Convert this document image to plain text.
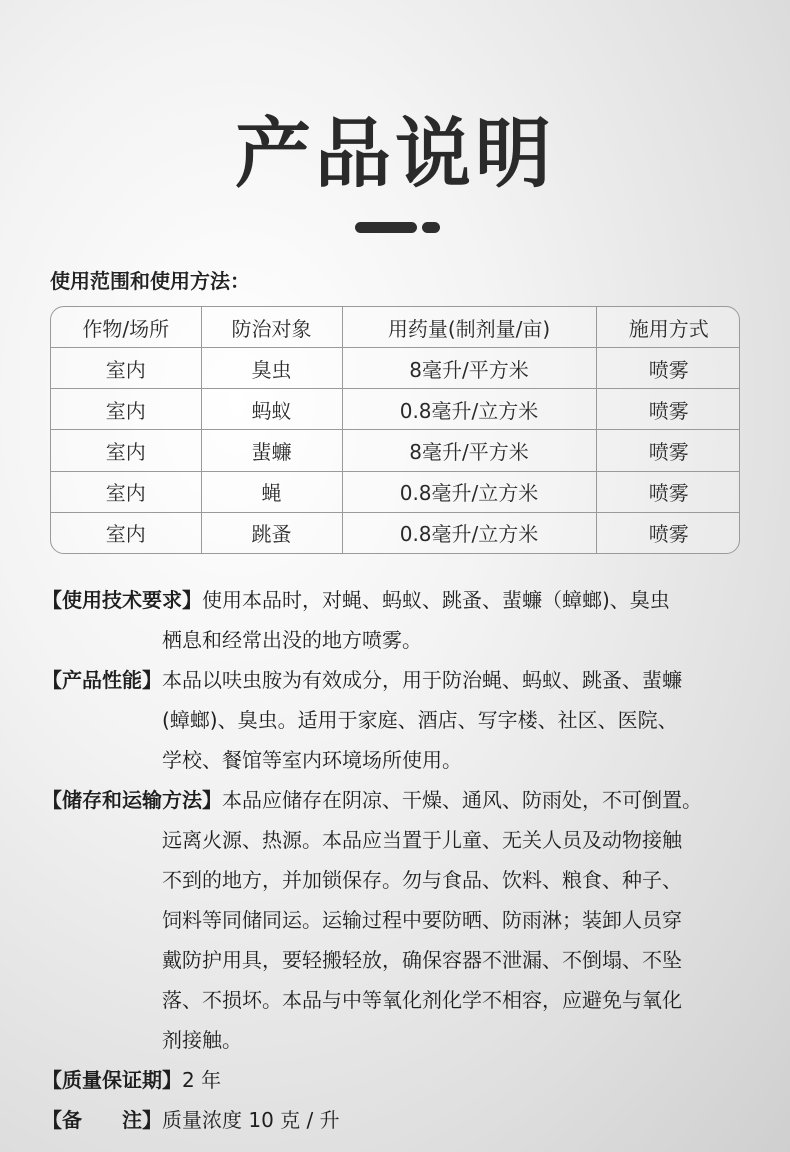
产品说明
使用范围和使用方法：
作物/场所	防治对象	用药量(制剂量/亩)	施用方式
室内	臭虫	8毫升/平方米	喷雾
室内	蚂蚁	0.8毫升/立方米	喷雾
室内	蜚蠊	8毫升/平方米	喷雾
室内	蝇	0.8毫升/立方米	喷雾
室内	跳蚤	0.8毫升/立方米	喷雾
【使用技术要求】使用本品时，对蝇、蚂蚁、跳蚤、蜚蠊（蟑螂)、臭虫
栖息和经常出没的地方喷雾。
【产品性能】本品以呋虫胺为有效成分，用于防治蝇、蚂蚁、跳蚤、蜚蠊
(蟑螂)、臭虫。适用于家庭、酒店、写字楼、社区、医院、
学校、餐馆等室内环境场所使用。
【储存和运输方法】本品应储存在阴凉、干燥、通风、防雨处，不可倒置。
远离火源、热源。本品应当置于儿童、无关人员及动物接触
不到的地方，并加锁保存。勿与食品、饮料、粮食、种子、
饲料等同储同运。运输过程中要防晒、防雨淋；装卸人员穿
戴防护用具，要轻搬轻放，确保容器不泄漏、不倒塌、不坠
落、不损坏。本品与中等氧化剂化学不相容，应避免与氧化
剂接触。
【质量保证期】2 年
【备　　注】质量浓度 10 克 / 升
